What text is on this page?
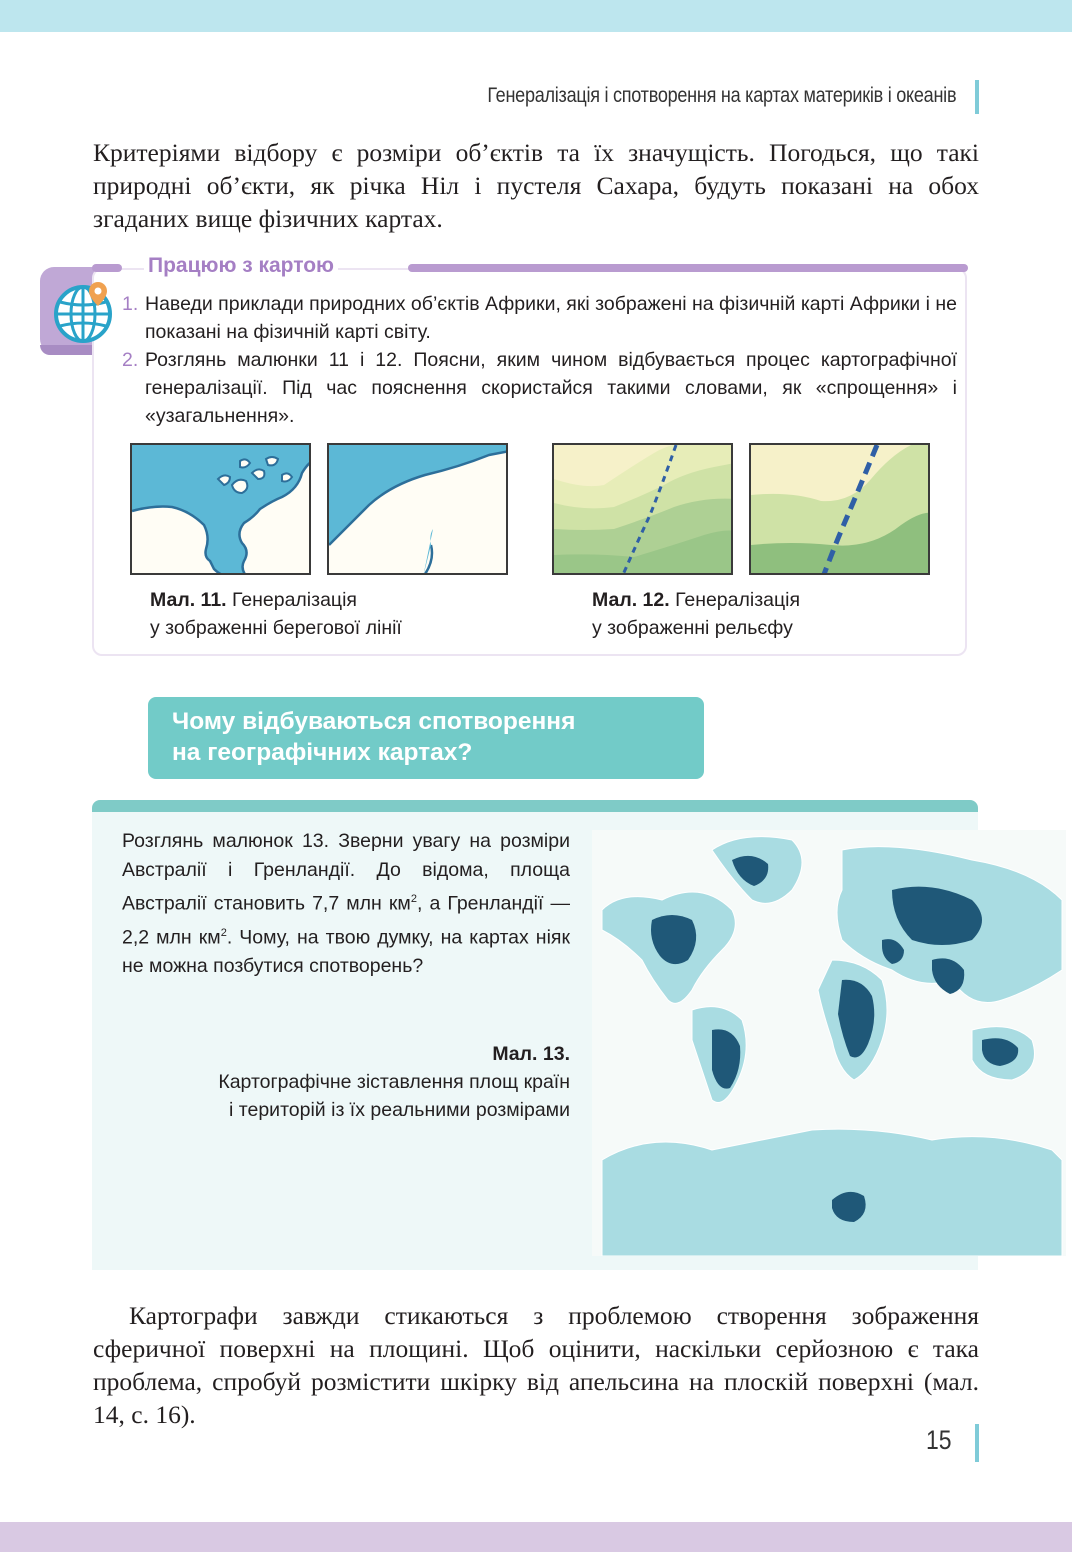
Генералізація і спотворення на картах материків і океанів

Критеріями відбору є розміри об’єктів та їх значущість. Погодься, що такі природні об’єкти, як річка Ніл і пустеля Сахара, будуть показані на обох згаданих вище фізичних картах.

Працюю з картою
1. Наведи приклади природних об’єктів Африки, які зображені на фізичній карті Африки і не показані на фізичній карті світу.
2. Розглянь малюнки 11 і 12. Поясни, яким чином відбувається процес картографічної генералізації. Під час пояснення скористайся такими словами, як «спрощення» і «узагальнення».
Мал. 11. Генералізація
у зображенні берегової лінії
Мал. 12. Генералізація
у зображенні рельєфу
Чому відбуваються спотворення
на географічних картах?
Розглянь малюнок 13. Зверни увагу на розміри Австралії і Гренландії. До відома, площа Австралії становить 7,7 млн $км^2$, а Гренландії — 2,2 млн $км^2$. Чому, на твою думку, на картах ніяк не можна позбутися спотворень?
Мал. 13.
Картографічне зіставлення площ країн
і територій із їх реальними розмірами

Картографи завжди стикаються з проблемою створення зображення сферичної поверхні на площині. Щоб оцінити, наскільки серйозною є така проблема, спробуй розмістити шкірку від апельсина на плоскій поверхні (мал. 14, с. 16).

15
